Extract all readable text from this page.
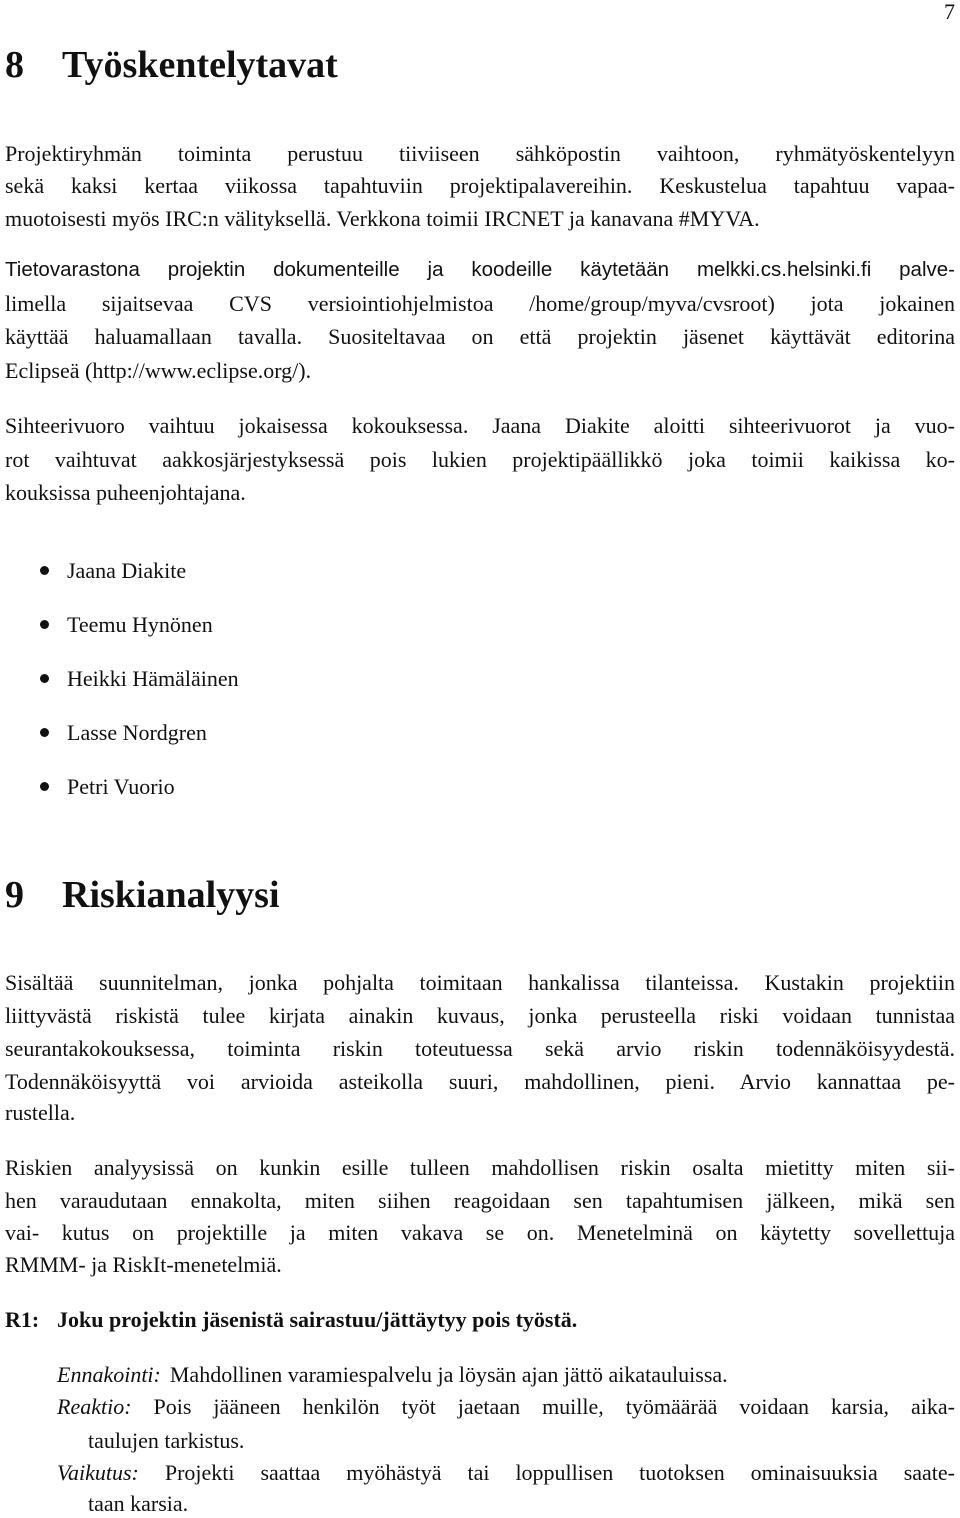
7
8 Työskentelytavat
Projektiryhmän toiminta perustuu tiiviiseen sähköpostin vaihtoon, ryhmätyöskentelyyn
sekä kaksi kertaa viikossa tapahtuviin projektipalavereihin. Keskustelua tapahtuu vapaa-
muotoisesti myös IRC:n välityksellä. Verkkona toimii IRCNET ja kanavana #MYVA.
Tietovarastona projektin dokumenteille ja koodeille käytetään melkki.cs.helsinki.fi palve-
limella sijaitsevaa CVS versiointiohjelmistoa /home/group/myva/cvsroot) jota jokainen
käyttää haluamallaan tavalla. Suositeltavaa on että projektin jäsenet käyttävät editorina
Eclipseä (http://www.eclipse.org/).
Sihteerivuoro vaihtuu jokaisessa kokouksessa. Jaana Diakite aloitti sihteerivuorot ja vuo-
rot vaihtuvat aakkosjärjestyksessä pois lukien projektipäällikkö joka toimii kaikissa ko-
kouksissa puheenjohtajana.
Jaana Diakite
Teemu Hynönen
Heikki Hämäläinen
Lasse Nordgren
Petri Vuorio
9 Riskianalyysi
Sisältää suunnitelman, jonka pohjalta toimitaan hankalissa tilanteissa. Kustakin projektiin
liittyvästä riskistä tulee kirjata ainakin kuvaus, jonka perusteella riski voidaan tunnistaa
seurantakokouksessa, toiminta riskin toteutuessa sekä arvio riskin todennäköisyydestä.
Todennäköisyyttä voi arvioida asteikolla suuri, mahdollinen, pieni. Arvio kannattaa pe-
rustella.
Riskien analyysissä on kunkin esille tulleen mahdollisen riskin osalta mietitty miten sii-
hen varaudutaan ennakolta, miten siihen reagoidaan sen tapahtumisen jälkeen, mikä sen
vai- kutus on projektille ja miten vakava se on. Menetelminä on käytetty sovellettuja
RMMM- ja RiskIt-menetelmiä.
R1: Joku projektin jäsenistä sairastuu/jättäytyy pois työstä.
Ennakointi: Mahdollinen varamiespalvelu ja löysän ajan jättö aikatauluissa.
Reaktio: Pois jääneen henkilön työt jaetaan muille, työmäärää voidaan karsia, aika-
taulujen tarkistus.
Vaikutus: Projekti saattaa myöhästyä tai loppullisen tuotoksen ominaisuuksia saate-
taan karsia.
